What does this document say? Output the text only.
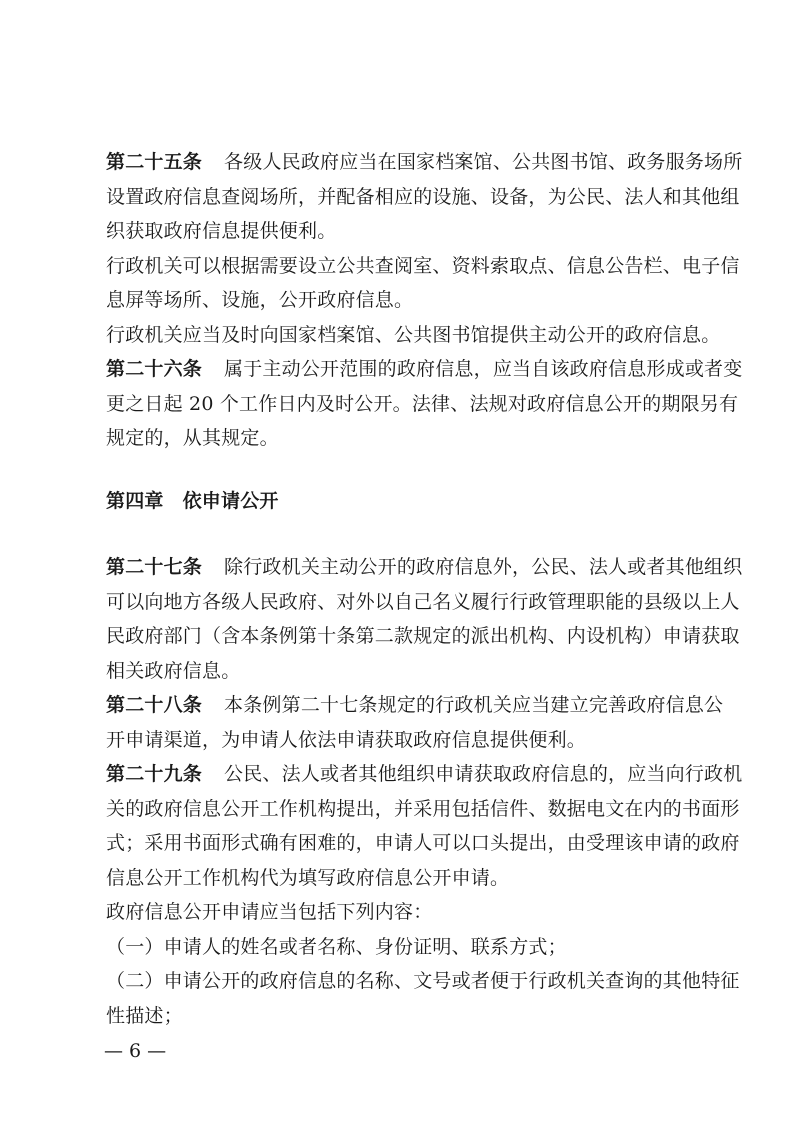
第二十五条 各级人民政府应当在国家档案馆、公共图书馆、政务服务场所
设置政府信息查阅场所，并配备相应的设施、设备，为公民、法人和其他组
织获取政府信息提供便利。
行政机关可以根据需要设立公共查阅室、资料索取点、信息公告栏、电子信
息屏等场所、设施，公开政府信息。
行政机关应当及时向国家档案馆、公共图书馆提供主动公开的政府信息。
第二十六条 属于主动公开范围的政府信息，应当自该政府信息形成或者变
更之日起 20 个工作日内及时公开。法律、法规对政府信息公开的期限另有
规定的，从其规定。
第四章 依申请公开
第二十七条 除行政机关主动公开的政府信息外，公民、法人或者其他组织
可以向地方各级人民政府、对外以自己名义履行行政管理职能的县级以上人
民政府部门（含本条例第十条第二款规定的派出机构、内设机构）申请获取
相关政府信息。
第二十八条 本条例第二十七条规定的行政机关应当建立完善政府信息公
开申请渠道，为申请人依法申请获取政府信息提供便利。
第二十九条 公民、法人或者其他组织申请获取政府信息的，应当向行政机
关的政府信息公开工作机构提出，并采用包括信件、数据电文在内的书面形
式；采用书面形式确有困难的，申请人可以口头提出，由受理该申请的政府
信息公开工作机构代为填写政府信息公开申请。
政府信息公开申请应当包括下列内容：
（一）申请人的姓名或者名称、身份证明、联系方式；
（二）申请公开的政府信息的名称、文号或者便于行政机关查询的其他特征
性描述；
— 6 —
